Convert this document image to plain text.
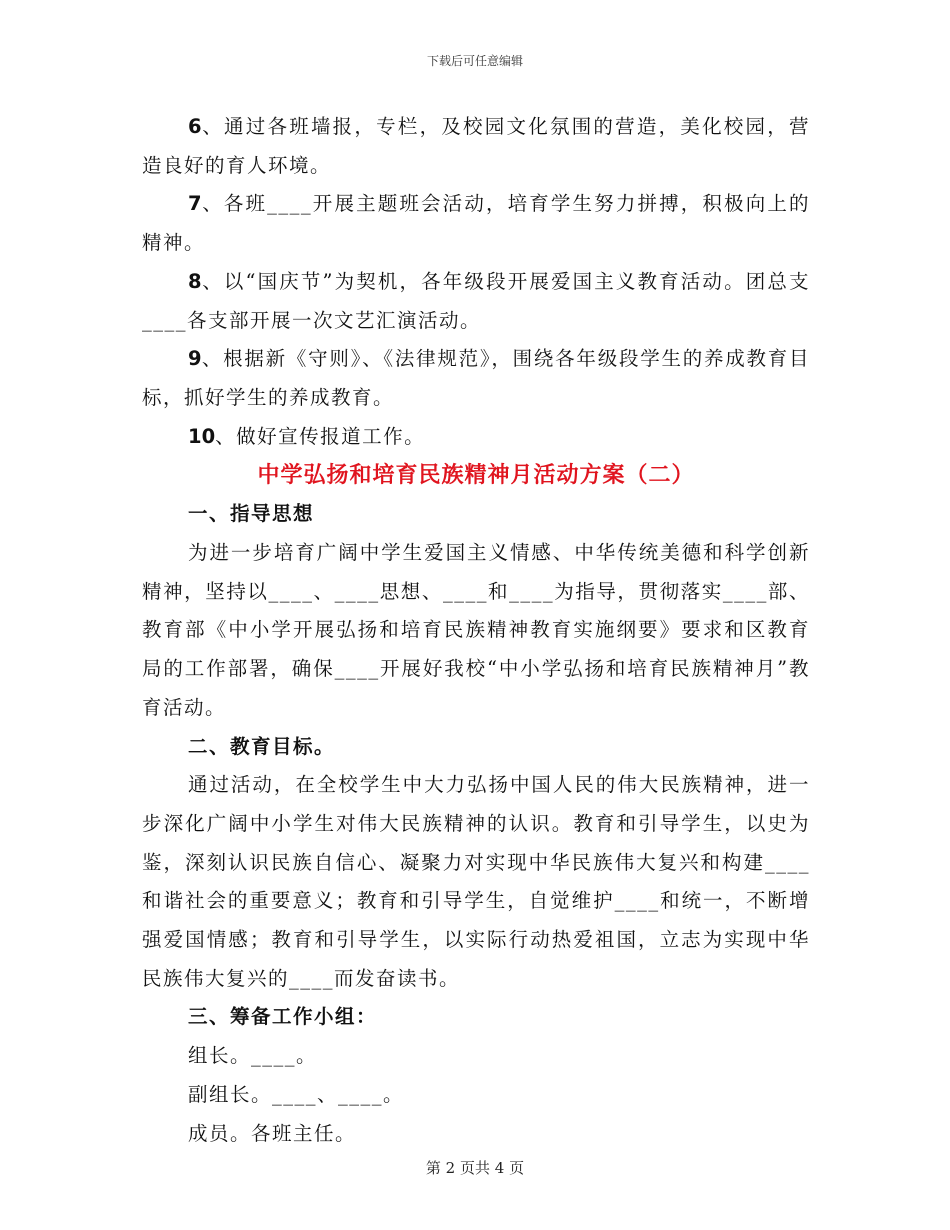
下载后可任意编辑

6、通过各班墙报，专栏，及校园文化氛围的营造，美化校园，营造良好的育人环境。

7、各班____开展主题班会活动，培育学生努力拼搏，积极向上的精神。

8、以“国庆节”为契机，各年级段开展爱国主义教育活动。团总支____各支部开展一次文艺汇演活动。

9、根据新《守则》、《法律规范》，围绕各年级段学生的养成教育目标，抓好学生的养成教育。

10、做好宣传报道工作。

中学弘扬和培育民族精神月活动方案（二）

一、指导思想

为进一步培育广阔中学生爱国主义情感、中华传统美德和科学创新精神，坚持以____、____思想、____和____为指导，贯彻落实____部、教育部《中小学开展弘扬和培育民族精神教育实施纲要》要求和区教育局的工作部署，确保____开展好我校“中小学弘扬和培育民族精神月”教育活动。

二、教育目标。

通过活动，在全校学生中大力弘扬中国人民的伟大民族精神，进一步深化广阔中小学生对伟大民族精神的认识。教育和引导学生，以史为鉴，深刻认识民族自信心、凝聚力对实现中华民族伟大复兴和构建____和谐社会的重要意义；教育和引导学生，自觉维护____和统一，不断增强爱国情感；教育和引导学生，以实际行动热爱祖国，立志为实现中华民族伟大复兴的____而发奋读书。

三、筹备工作小组：

组长。____。

副组长。____、____。

成员。各班主任。

第 2 页共 4 页
